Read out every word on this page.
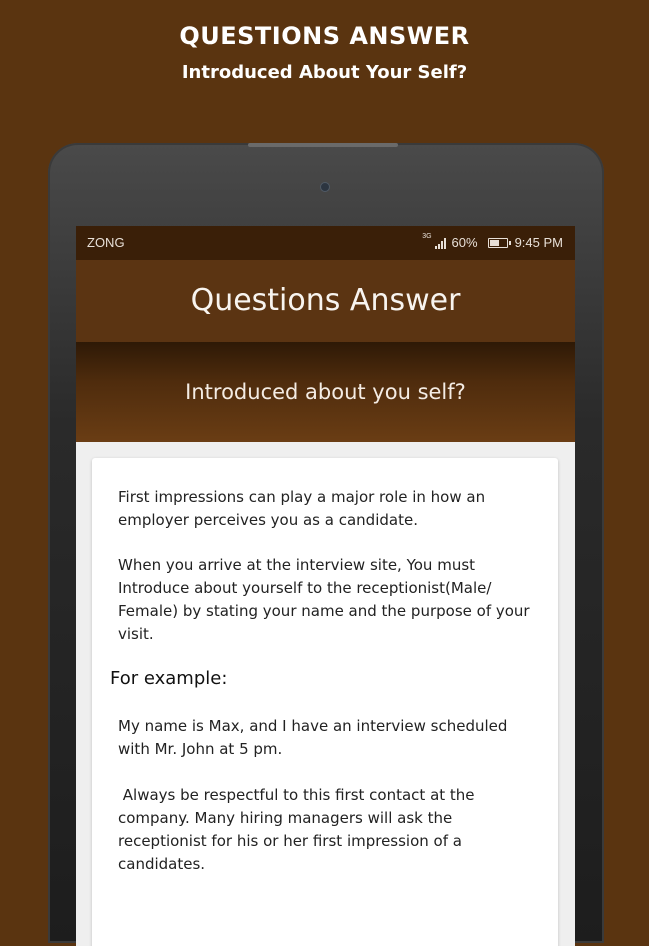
QUESTIONS ANSWER
Introduced About Your Self?
ZONG	3G 60%	9:45 PM
Questions Answer
Introduced about you self?

First impressions can play a major role in how an employer perceives you as a candidate.

When you arrive at the interview site, You must Introduce about yourself to the receptionist(Male/ Female) by stating your name and the purpose of your visit.

For example:

My name is Max, and I have an interview scheduled with Mr. John at 5 pm.

Always be respectful to this first contact at the company. Many hiring managers will ask the receptionist for his or her first impression of a candidates.
